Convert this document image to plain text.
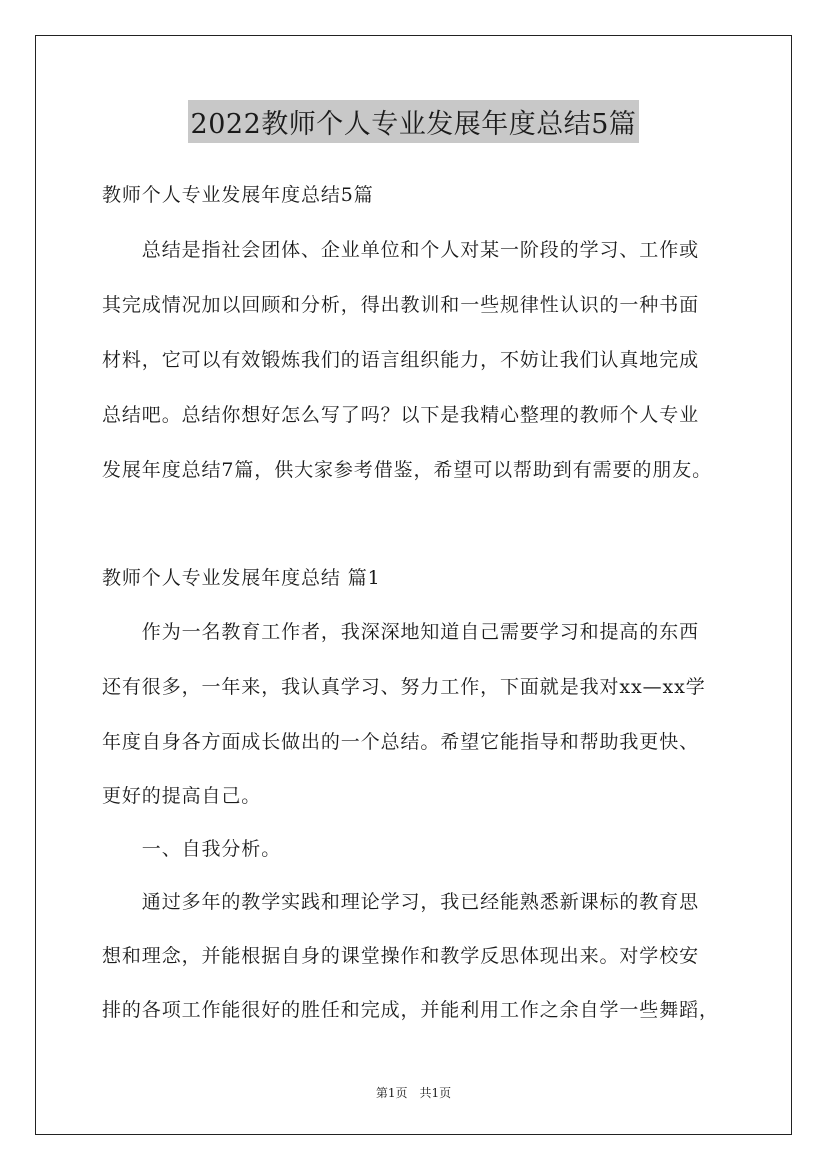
2022教师个人专业发展年度总结5篇
教师个人专业发展年度总结5篇
　　总结是指社会团体、企业单位和个人对某一阶段的学习、工作或
其完成情况加以回顾和分析，得出教训和一些规律性认识的一种书面
材料，它可以有效锻炼我们的语言组织能力，不妨让我们认真地完成
总结吧。总结你想好怎么写了吗？以下是我精心整理的教师个人专业
发展年度总结7篇，供大家参考借鉴，希望可以帮助到有需要的朋友。
教师个人专业发展年度总结 篇1
　　作为一名教育工作者，我深深地知道自己需要学习和提高的东西
还有很多，一年来，我认真学习、努力工作，下面就是我对xx—xx学
年度自身各方面成长做出的一个总结。希望它能指导和帮助我更快、
更好的提高自己。
　　一、自我分析。
　　通过多年的教学实践和理论学习，我已经能熟悉新课标的教育思
想和理念，并能根据自身的课堂操作和教学反思体现出来。对学校安
排的各项工作能很好的胜任和完成，并能利用工作之余自学一些舞蹈，
第1页　共1页
